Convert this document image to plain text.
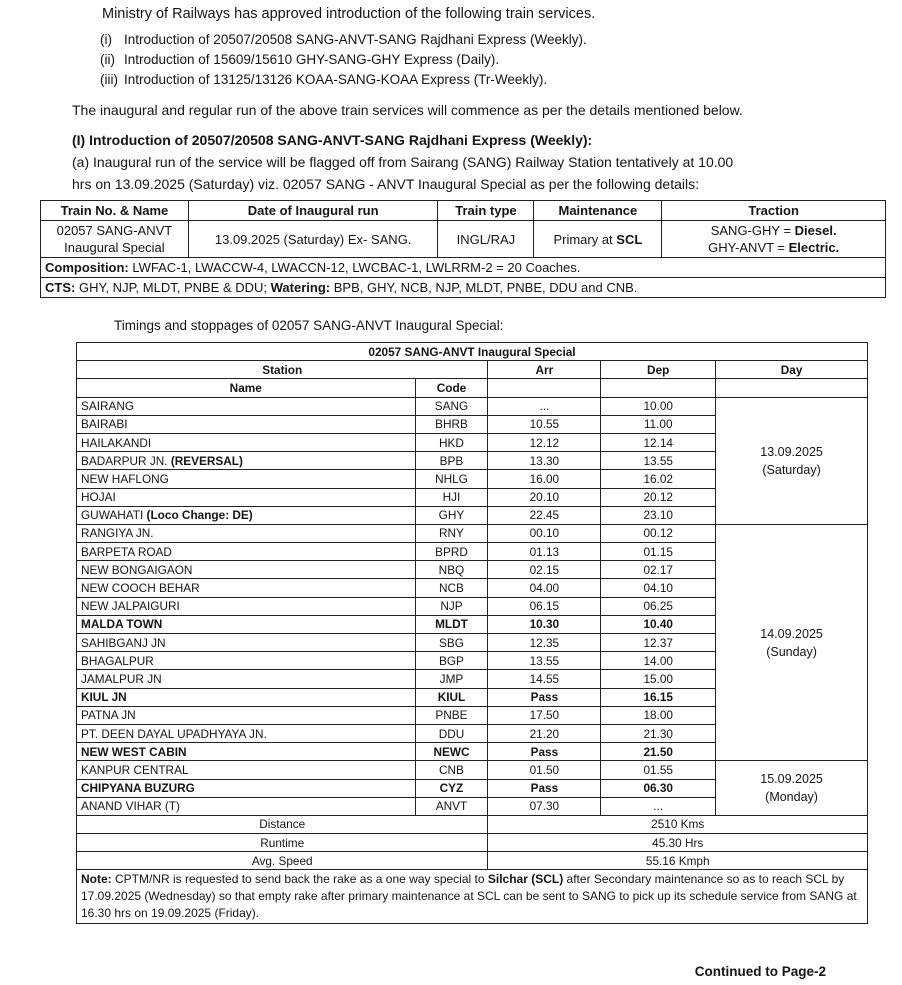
Ministry of Railways has approved introduction of the following train services.
(i) Introduction of 20507/20508 SANG-ANVT-SANG Rajdhani Express (Weekly).
(ii) Introduction of 15609/15610 GHY-SANG-GHY Express (Daily).
(iii) Introduction of 13125/13126 KOAA-SANG-KOAA Express (Tr-Weekly).
The inaugural and regular run of the above train services will commence as per the details mentioned below.
(I) Introduction of 20507/20508 SANG-ANVT-SANG Rajdhani Express (Weekly):
(a) Inaugural run of the service will be flagged off from Sairang (SANG) Railway Station tentatively at 10.00
hrs on 13.09.2025 (Saturday) viz. 02057 SANG - ANVT Inaugural Special as per the following details:
Train No. & Name	Date of Inaugural run	Train type	Maintenance	Traction

02057 SANG-ANVT
Inaugural Special
	13.09.2025 (Saturday) Ex- SANG.	INGL/RAJ	Primary at SCL	
SANG-GHY = Diesel.
GHY-ANVT = Electric.

Composition: LWFAC-1, LWACCW-4, LWACCN-12, LWCBAC-1, LWLRRM-2 = 20 Coaches.				
CTS: GHY, NJP, MLDT, PNBE & DDU; Watering: BPB, GHY, NCB, NJP, MLDT, PNBE, DDU and CNB.				
Timings and stoppages of 02057 SANG-ANVT Inaugural Special:
02057 SANG-ANVT Inaugural Special				
Station		Arr	Dep	Day
Name	Code			
SAIRANG	SANG	...	10.00	13.09.2025
(Saturday)

BAIRABI	BHRB	10.55	11.00	
HAILAKANDI	HKD	12.12	12.14	
BADARPUR JN. (REVERSAL)	BPB	13.30	13.55	
NEW HAFLONG	NHLG	16.00	16.02	
HOJAI	HJI	20.10	20.12	
GUWAHATI (Loco Change: DE)	GHY	22.45	23.10	
RANGIYA JN.	RNY	00.10	00.12	14.09.2025
(Sunday)

BARPETA ROAD	BPRD	01.13	01.15	
NEW BONGAIGAON	NBQ	02.15	02.17	
NEW COOCH BEHAR	NCB	04.00	04.10	
NEW JALPAIGURI	NJP	06.15	06.25	
MALDA TOWN	MLDT	10.30	10.40	
SAHIBGANJ JN	SBG	12.35	12.37	
BHAGALPUR	BGP	13.55	14.00	
JAMALPUR JN	JMP	14.55	15.00	
KIUL JN	KIUL	Pass	16.15	
PATNA JN	PNBE	17.50	18.00	
PT. DEEN DAYAL UPADHYAYA JN.	DDU	21.20	21.30	
NEW WEST CABIN	NEWC	Pass	21.50	
KANPUR CENTRAL	CNB	01.50	01.55	15.09.2025
(Monday)

CHIPYANA BUZURG	CYZ	Pass	06.30	
ANAND VIHAR (T)	ANVT	07.30	...	
Distance		2510 Kms		
Runtime		45.30 Hrs		
Avg. Speed		55.16 Kmph		
Note: CPTM/NR is requested to send back the rake as a one way special to Silchar (SCL) after Secondary maintenance so as to reach SCL by 17.09.2025 (Wednesday) so that empty rake after primary maintenance at SCL can be sent to SANG to pick up its schedule service from SANG at 16.30 hrs on 19.09.2025 (Friday).				
Continued to Page-2
